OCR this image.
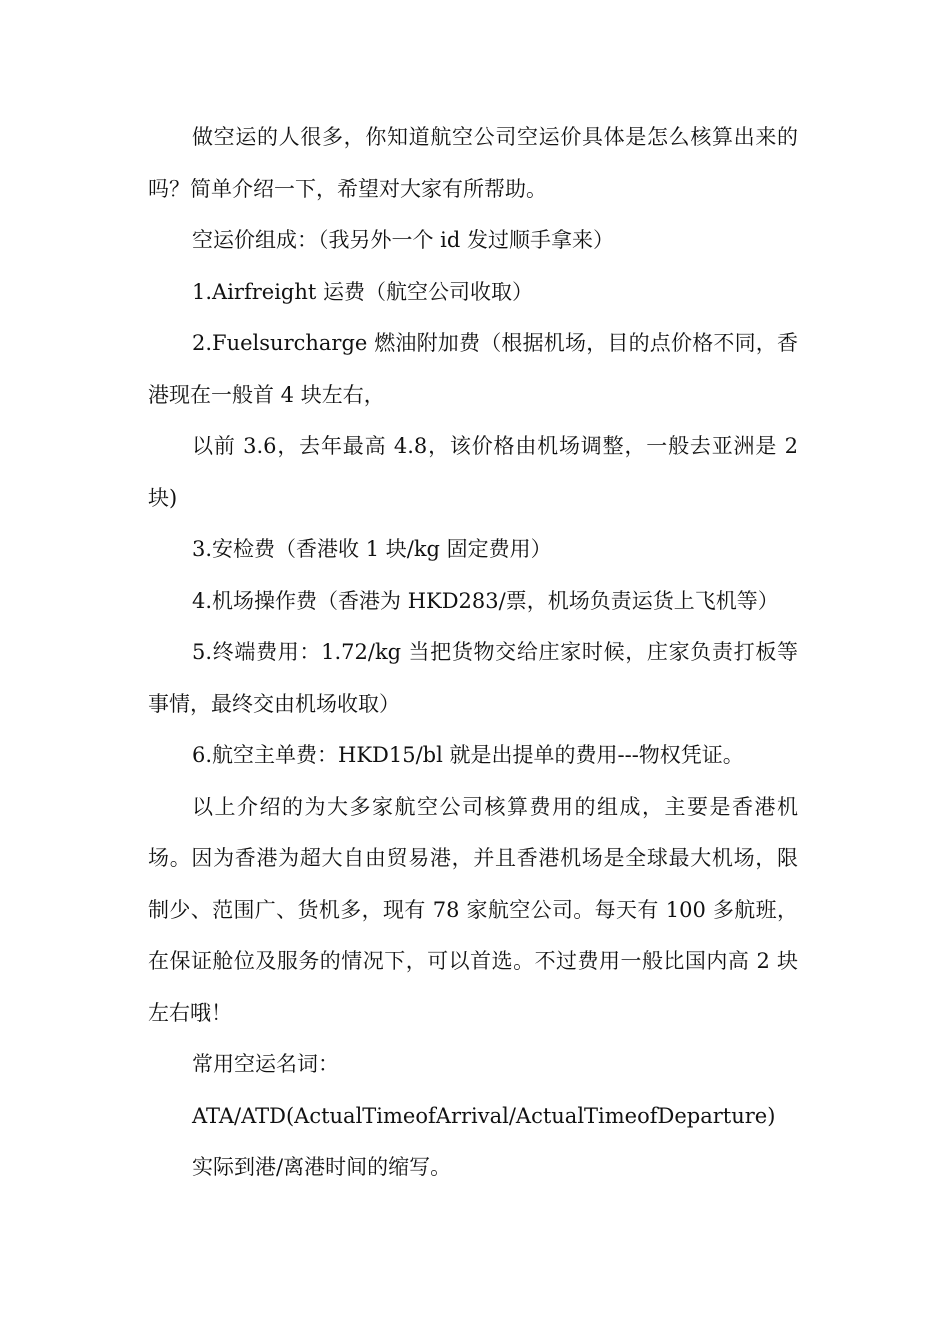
做空运的人很多，你知道航空公司空运价具体是怎么核算出来的吗？简单介绍一下，希望对大家有所帮助。

空运价组成：（我另外一个 id 发过顺手拿来）

1.Airfreight 运费（航空公司收取）

2.Fuelsurcharge 燃油附加费（根据机场，目的点价格不同，香港现在一般首 4 块左右，

以前 3.6，去年最高 4.8，该价格由机场调整，一般去亚洲是 2 块)

3.安检费（香港收 1 块/kg 固定费用）

4.机场操作费（香港为 HKD283/票，机场负责运货上飞机等）

5.终端费用：1.72/kg 当把货物交给庄家时候，庄家负责打板等事情，最终交由机场收取）

6.航空主单费：HKD15/bl 就是出提单的费用---物权凭证。

以上介绍的为大多家航空公司核算费用的组成，主要是香港机场。因为香港为超大自由贸易港，并且香港机场是全球最大机场，限制少、范围广、货机多，现有 78 家航空公司。每天有 100 多航班，在保证舱位及服务的情况下，可以首选。不过费用一般比国内高 2 块左右哦！

常用空运名词：

ATA/ATD(ActualTimeofArrival/ActualTimeofDeparture)

实际到港/离港时间的缩写。
